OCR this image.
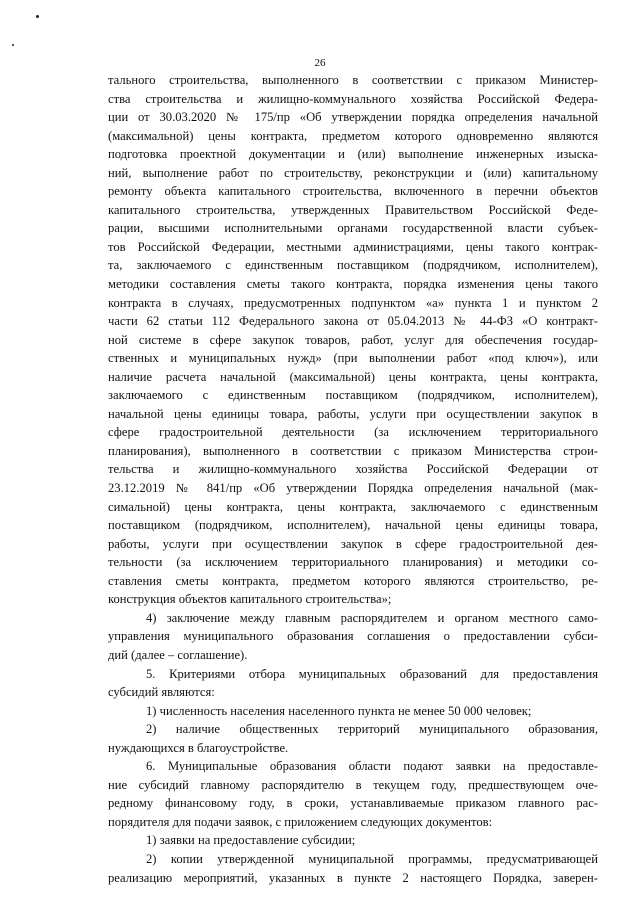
26
тального строительства, выполненного в соответствии с приказом Министер-
ства строительства и жилищно-коммунального хозяйства Российской Федера-
ции от 30.03.2020 № 175/пр «Об утверждении порядка определения начальной
(максимальной) цены контракта, предметом которого одновременно являются
подготовка проектной документации и (или) выполнение инженерных изыска-
ний, выполнение работ по строительству, реконструкции и (или) капитальному
ремонту объекта капитального строительства, включенного в перечни объектов
капитального строительства, утвержденных Правительством Российской Феде-
рации, высшими исполнительными органами государственной власти субъек-
тов Российской Федерации, местными администрациями, цены такого контрак-
та, заключаемого с единственным поставщиком (подрядчиком, исполнителем),
методики составления сметы такого контракта, порядка изменения цены такого
контракта в случаях, предусмотренных подпунктом «а» пункта 1 и пунктом 2
части 62 статьи 112 Федерального закона от 05.04.2013 № 44-ФЗ «О контракт-
ной системе в сфере закупок товаров, работ, услуг для обеспечения государ-
ственных и муниципальных нужд» (при выполнении работ «под ключ»), или
наличие расчета начальной (максимальной) цены контракта, цены контракта,
заключаемого с единственным поставщиком (подрядчиком, исполнителем),
начальной цены единицы товара, работы, услуги при осуществлении закупок в
сфере градостроительной деятельности (за исключением территориального
планирования), выполненного в соответствии с приказом Министерства строи-
тельства и жилищно-коммунального хозяйства Российской Федерации от
23.12.2019 № 841/пр «Об утверждении Порядка определения начальной (мак-
симальной) цены контракта, цены контракта, заключаемого с единственным
поставщиком (подрядчиком, исполнителем), начальной цены единицы товара,
работы, услуги при осуществлении закупок в сфере градостроительной дея-
тельности (за исключением территориального планирования) и методики со-
ставления сметы контракта, предметом которого являются строительство, ре-
конструкция объектов капитального строительства»;
4) заключение между главным распорядителем и органом местного само-
управления муниципального образования соглашения о предоставлении субси-
дий (далее – соглашение).
5. Критериями отбора муниципальных образований для предоставления
субсидий являются:
1) численность населения населенного пункта не менее 50 000 человек;
2) наличие общественных территорий муниципального образования,
нуждающихся в благоустройстве.
6. Муниципальные образования области подают заявки на предоставле-
ние субсидий главному распорядителю в текущем году, предшествующем оче-
редному финансовому году, в сроки, устанавливаемые приказом главного рас-
порядителя для подачи заявок, с приложением следующих документов:
1) заявки на предоставление субсидии;
2) копии утвержденной муниципальной программы, предусматривающей
реализацию мероприятий, указанных в пункте 2 настоящего Порядка, заверен-
